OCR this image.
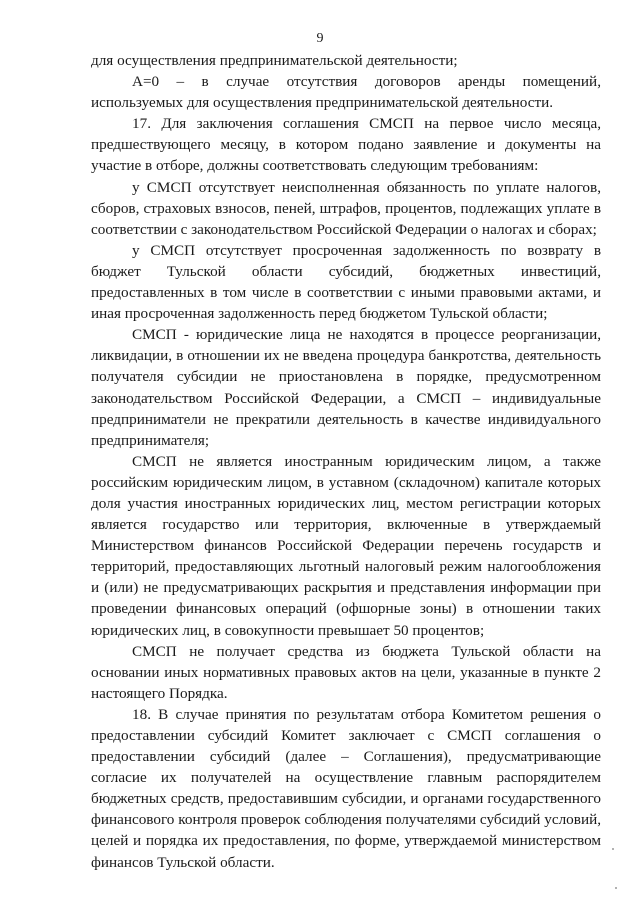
9

для осуществления предпринимательской деятельности;

А=0 – в случае отсутствия договоров аренды помещений, используемых для осуществления предпринимательской деятельности.

17. Для заключения соглашения СМСП на первое число месяца, предшествующего месяцу, в котором подано заявление и документы на участие в отборе, должны соответствовать следующим требованиям:

у СМСП отсутствует неисполненная обязанность по уплате налогов, сборов, страховых взносов, пеней, штрафов, процентов, подлежащих уплате в соответствии с законодательством Российской Федерации о налогах и сборах;

у СМСП отсутствует просроченная задолженность по возврату в бюджет Тульской области субсидий, бюджетных инвестиций, предоставленных в том числе в соответствии с иными правовыми актами, и иная просроченная задолженность перед бюджетом Тульской области;

СМСП - юридические лица не находятся в процессе реорганизации, ликвидации, в отношении их не введена процедура банкротства, деятельность получателя субсидии не приостановлена в порядке, предусмотренном законодательством Российской Федерации, а СМСП – индивидуальные предприниматели не прекратили деятельность в качестве индивидуального предпринимателя;

СМСП не является иностранным юридическим лицом, а также российским юридическим лицом, в уставном (складочном) капитале которых доля участия иностранных юридических лиц, местом регистрации которых является государство или территория, включенные в утверждаемый Министерством финансов Российской Федерации перечень государств и территорий, предоставляющих льготный налоговый режим налогообложения и (или) не предусматривающих раскрытия и представления информации при проведении финансовых операций (офшорные зоны) в отношении таких юридических лиц, в совокупности превышает 50 процентов;

СМСП не получает средства из бюджета Тульской области на основании иных нормативных правовых актов на цели, указанные в пункте 2 настоящего Порядка.

18. В случае принятия по результатам отбора Комитетом решения о предоставлении субсидий Комитет заключает с СМСП соглашения о предоставлении субсидий (далее – Соглашения), предусматривающие согласие их получателей на осуществление главным распорядителем бюджетных средств, предоставившим субсидии, и органами государственного финансового контроля проверок соблюдения получателями субсидий условий, целей и порядка их предоставления, по форме, утверждаемой министерством финансов Тульской области.
